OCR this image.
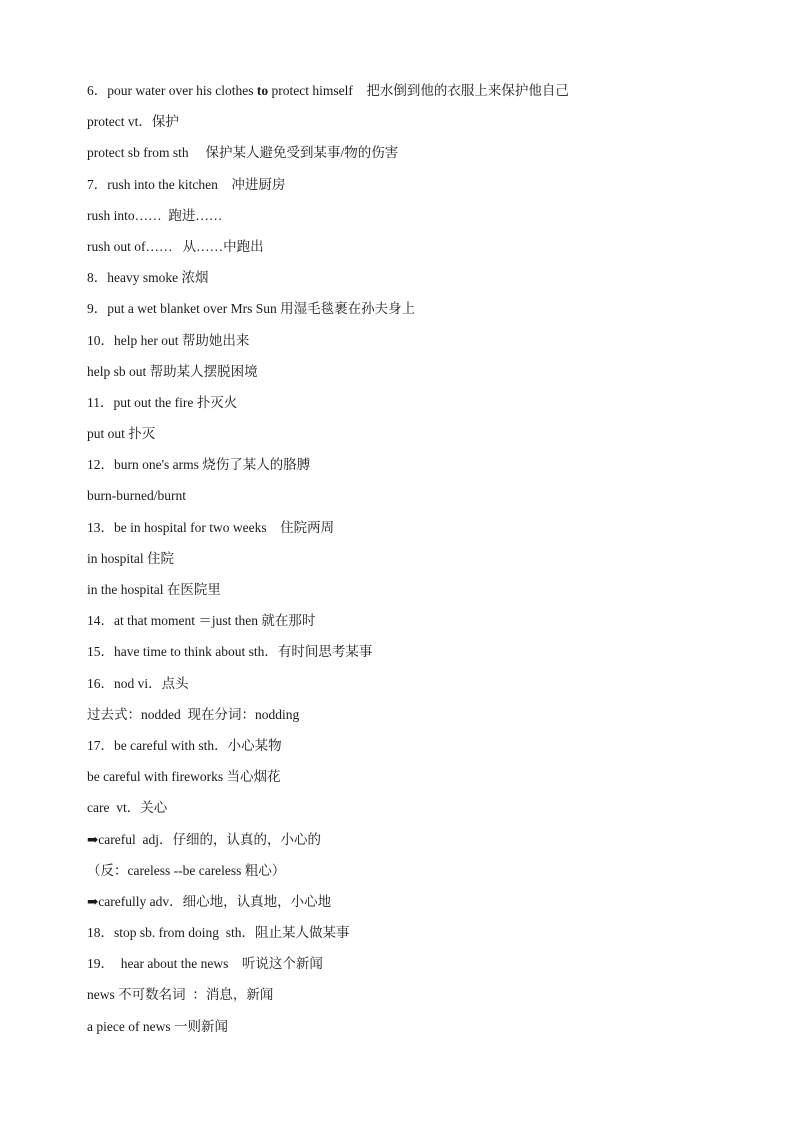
6．pour water over his clothes to protect himself    把水倒到他的衣服上来保护他自己
protect vt．保护
protect sb from sth     保护某人避免受到某事/物的伤害
7．rush into the kitchen    冲进厨房
rush into……  跑进……
rush out of……   从……中跑出
8．heavy smoke 浓烟
9．put a wet blanket over Mrs Sun 用湿毛毯裹在孙夫身上
10．help her out 帮助她出来
help sb out 帮助某人摆脱困境
11．put out the fire 扑灭火
put out 扑灭
12．burn one's arms 烧伤了某人的胳膊
burn-burned/burnt
13．be in hospital for two weeks    住院两周
in hospital 住院
in the hospital 在医院里
14．at that moment ＝just then 就在那时
15．have time to think about sth．有时间思考某事
16．nod vi．点头
过去式：nodded  现在分词：nodding
17．be careful with sth．小心某物
be careful with fireworks 当心烟花
care  vt．关心
➡careful  adj．仔细的，认真的，小心的
（反：careless --be careless 粗心）
➡carefully adv．细心地，认真地，小心地
18．stop sb. from doing  sth．阻止某人做某事
19．  hear about the news    听说这个新闻
news 不可数名词  ：消息，新闻
a piece of news 一则新闻
